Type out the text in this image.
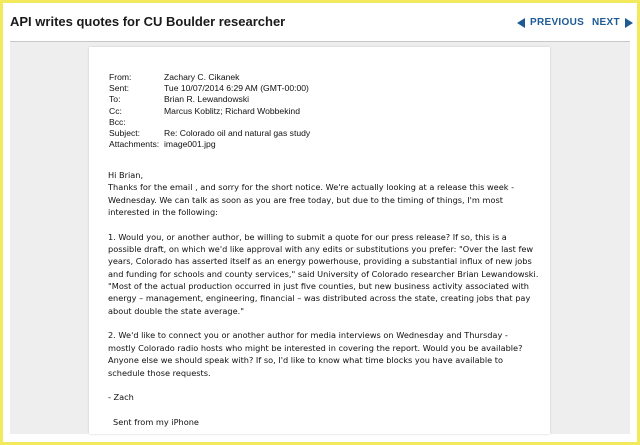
API writes quotes for CU Boulder researcher	PREVIOUS NEXT
From:	Zachary C. Cikanek
Sent:	Tue 10/07/2014 6:29 AM (GMT-00:00)
To:	Brian R. Lewandowski
Cc:	Marcus Koblitz; Richard Wobbekind
Bcc:
Subject:	Re: Colorado oil and natural gas study
Attachments: image001.jpg

Hi Brian,

Thanks for the email , and sorry for the short notice. We're actually looking at a release this week -

Wednesday. We can talk as soon as you are free today, but due to the timing of things, I'm most

interested in the following:

1. Would you, or another author, be willing to submit a quote for our press release? If so, this is a

possible draft, on which we'd like approval with any edits or substitutions you prefer: "Over the last few

years, Colorado has asserted itself as an energy powerhouse, providing a substantial influx of new jobs

and funding for schools and county services," said University of Colorado researcher Brian Lewandowski.

"Most of the actual production occurred in just five counties, but new business activity associated with

energy – management, engineering, financial – was distributed across the state, creating jobs that pay

about double the state average."

2. We'd like to connect you or another author for media interviews on Wednesday and Thursday -

mostly Colorado radio hosts who might be interested in covering the report. Would you be available?

Anyone else we should speak with? If so, I'd like to know what time blocks you have available to

schedule those requests.

- Zach

Sent from my iPhone
